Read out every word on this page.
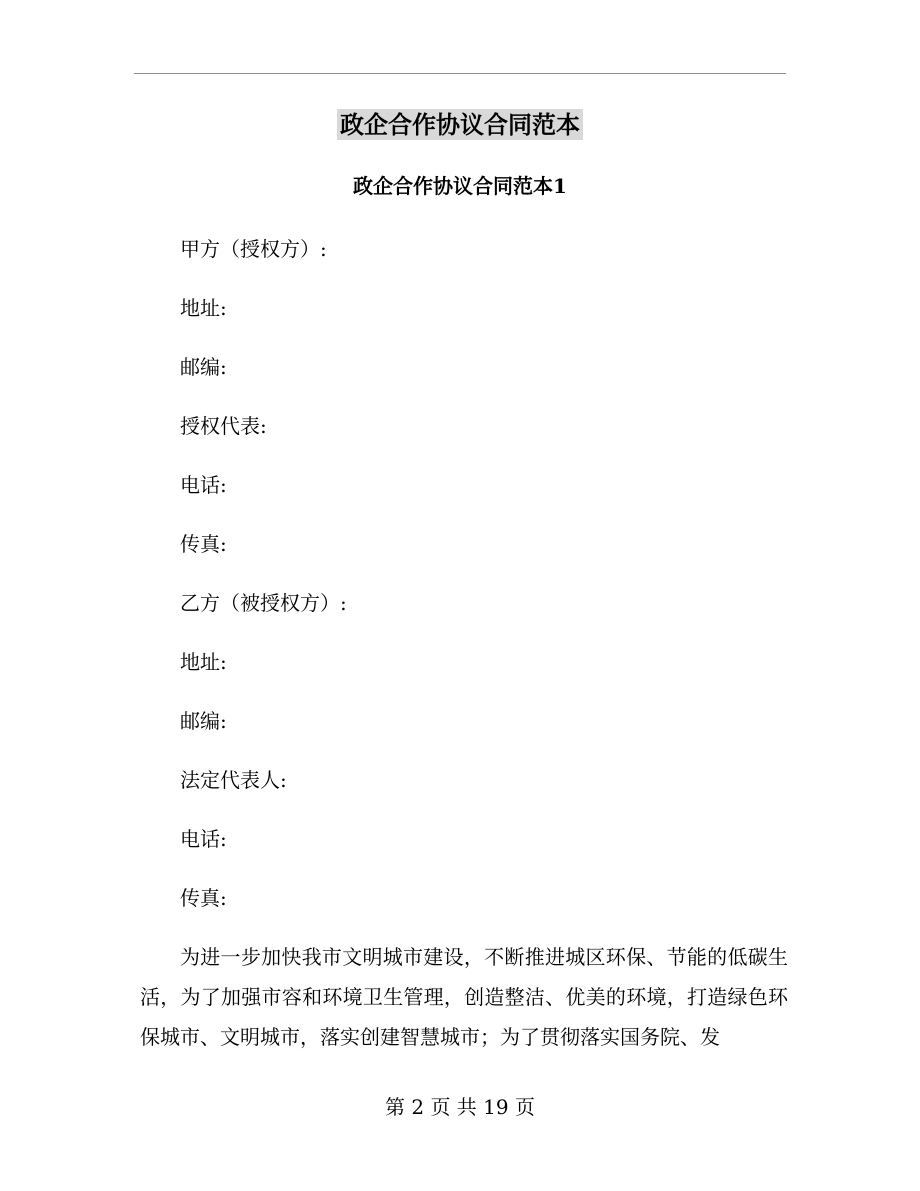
政企合作协议合同范本
政企合作协议合同范本1
甲方（授权方）:
地址:
邮编:
授权代表:
电话:
传真:
乙方（被授权方）:
地址:
邮编:
法定代表人:
电话:
传真:
为进一步加快我市文明城市建设，不断推进城区环保、节能的低碳生活，为了加强市容和环境卫生管理，创造整洁、优美的环境，打造绿色环保城市、文明城市，落实创建智慧城市；为了贯彻落实国务院、发
第 2 页 共 19 页
